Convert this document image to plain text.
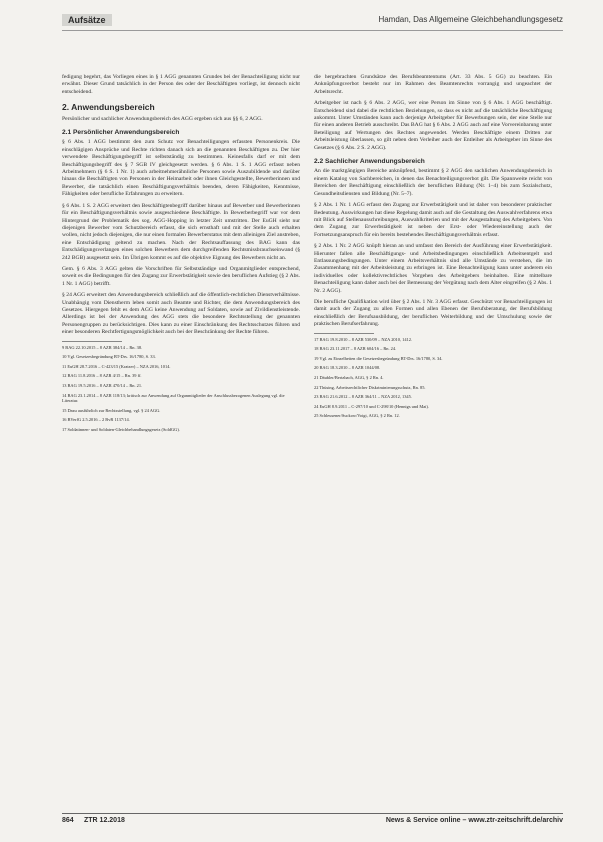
Aufsätze	Hamdan, Das Allgemeine Gleichbehandlungsgesetz

fedigung begehrt, das Vorliegen eines in § 1 AGG genannten Grundes bei der Benachteiligung nicht nur erwähnt. Dieser Grund tatsächlich in der Person des oder der Beschäftigten vorliegt, ist dennoch nicht entscheidend.

2. Anwendungsbereich

Persönlicher und sachlicher Anwendungsbereich des AGG ergeben sich aus §§ 6, 2 AGG.

2.1 Persönlicher Anwendungsbereich

§ 6 Abs. 1 AGG bestimmt den zum Schutz vor Benachteiligungen erfassten Personenkreis. Die einschlägigen Ansprüche und Rechte richten danach sich an die genannten Beschäftigten zu. Der hier verwendete Beschäftigungsbegriff ist selbstständig zu bestimmen. Keinesfalls darf er mit dem Beschäftigungsbegriff des § 7 SGB IV gleichgesetzt werden. § 6 Abs. 1 S. 1 AGG erfasst neben Arbeitnehmern (§ 6 S. 1 Nr. 1) auch arbeitnehmerähnliche Personen sowie Auszubildende und darüber hinaus die Beschäftigten von Personen in der Heimarbeit oder ihnen Gleichgestellte, Bewerberinnen und Bewerber, die tatsächlich einen Beschäftigungsverhältnis beenden, deren Fähigkeiten, Kenntnisse, Fähigkeiten oder berufliche Erfahrungen zu erweitern.

§ 6 Abs. 1 S. 2 AGG erweitert den Beschäftigtenbegriff darüber hinaus auf Bewerber und Bewerberinnen für ein Beschäftigungsverhältnis sowie ausgeschiedene Beschäftigte. In Bewerberbegriff war vor dem Hintergrund der Problematik des sog. AGG-Hopping in letzter Zeit umstritten. Der EuGH sieht nur diejenigen Bewerber vom Schutzbereich erfasst, die sich ernsthaft und mit der Stelle auch erhalten wollen, nicht jedoch diejenigen, die nur einen formalen Bewerberstatus mit dem alleinigen Ziel anstreben, eine Entschädigung geltend zu machen. Nach der Rechtsauffassung des BAG kann das Entschädigungsverlangen eines solchen Bewerbers dem durchgreifenden Rechtsmissbrauchseinwand (§ 242 BGB) ausgesetzt sein. Im Übrigen kommt es auf die objektive Eignung des Bewerbers nicht an.

Gem. § 6 Abs. 3 AGG gelten die Vorschriften für Selbstständige und Organmitglieder entsprechend, soweit es die Bedingungen für den Zugang zur Erwerbstätigkeit sowie den beruflichen Aufstieg (§ 2 Abs. 1 Nr. 1 AGG) betrifft.

§ 24 AGG erweitert den Anwendungsbereich schließlich auf die öffentlich-rechtlichen Dienstverhältnisse. Unabhängig vom Dienstherrn leben somit auch Beamte und Richter, die dem Anwendungsbereich des Gesetzes. Hiergegen fehlt es dem AGG keine Anwendung auf Soldaten, sowie auf Zivildienstleistende. Allerdings ist bei der Anwendung des AGG stets die besondere Rechtsstellung der genannten Personengruppen zu berücksichtigen. Dies kann zu einer Einschränkung des Rechtsschutzes führen und einer besonderen Rechtfertigungsmöglichkeit auch bei der Beschränkung der Rechte führen.

9 BAG 22.10.2015 – 8 AZR 384/14 – Rn. 38.

10 Vgl. Gesetzesbegründung BT-Drs. 16/1780, S. 33.

11 EuGH 28.7.2016 – C-423/15 (Kratzer) – NZA 2016, 1014.

12 BAG 11.8.2016 – 8 AZR 4/15 – Rn. 39 ff.

13 BAG 19.5.2016 – 8 AZR 470/14 – Rn. 21.

14 BAG 23.1.2014 – 8 AZR 118/13; kritisch zur Anwendung auf Organmitglieder der Anschlussbezogenen Auslegung vgl. die Literatur.

15 Dazu ausführlich zur Rechtsstellung, vgl. § 24 AGG.

16 BVerfG 2.5.2016 – 2 BvR 1137/14.

17 Soldatinnen- und Soldaten-Gleichbehandlungsgesetz (SoldGG).

die hergebrachten Grundsätze des Berufsbeamtentums (Art. 33 Abs. 5 GG) zu beachten. Ein Anknüpfungsverbot besteht nur im Rahmen des Beamtenrechts vorrangig und ungeachtet der Arbeitsrecht.

Arbeitgeber ist nach § 6 Abs. 2 AGG, wer eine Person im Sinne von § 6 Abs. 1 AGG beschäftigt. Entscheidend sind dabei die rechtlichen Beziehungen, so dass es nicht auf die tatsächliche Beschäftigung ankommt. Unter Umständen kann auch derjenige Arbeitgeber für Bewerbungen sein, der eine Stelle nur für einen anderen Betrieb ausschreibt. Das BAG hat § 6 Abs. 2 AGG auch auf eine Vorvereinbarung unter Beteiligung auf Wertungen des Rechtes angewendet. Werden Beschäftigte einem Dritten zur Arbeitsleistung überlassen, so gilt neben dem Verleiher auch der Entleiher als Arbeitgeber im Sinne des Gesetzes (§ 6 Abs. 2 S. 2 AGG).

2.2 Sachlicher Anwendungsbereich

An die marktgängigen Bereiche anknüpfend, bestimmt § 2 AGG den sachlichen Anwendungsbereich in einem Katalog von Sachbereichen, in denen das Benachteiligungsverbot gilt. Die Spannweite reicht von Bereichen der Beschäftigung einschließlich der beruflichen Bildung (Nr. 1–4) bis zum Sozialschutz, Gesundheitsdiensten und Bildung (Nr. 5–7).

§ 2 Abs. 1 Nr. 1 AGG erfasst den Zugang zur Erwerbstätigkeit und ist daher von besonderer praktischer Bedeutung. Auswirkungen hat diese Regelung damit auch auf die Gestaltung des Auswahlverfahrens etwa mit Blick auf Stellenausschreibungen, Auswahlkriterien und mit der Ausgestaltung des Arbeitgebers. Von dem Zugang zur Erwerbstätigkeit ist neben der Erst- oder Wiedereinstellung auch der Fortsetzungsanspruch für ein bereits bestehendes Beschäftigungsverhältnis erfasst.

§ 2 Abs. 1 Nr. 2 AGG knüpft hieran an und umfasst den Bereich der Ausführung einer Erwerbstätigkeit. Hierunter fallen alle Beschäftigungs- und Arbeitsbedingungen einschließlich Arbeitsentgelt und Entlassungsbedingungen. Unter einem Arbeitsverhältnis sind alle Umstände zu verstehen, die im Zusammenhang mit der Arbeitsleistung zu erbringen ist. Eine Benachteiligung kann unter anderem ein individuelles oder kollektivrechtliches Vorgehen des Arbeitgebers beinhalten. Eine mittelbare Benachteiligung kann daher auch bei der Bemessung der Vergütung nach dem Alter eingreifen (§ 2 Abs. 1 Nr. 2 AGG).

Die berufliche Qualifikation wird über § 2 Abs. 1 Nr. 3 AGG erfasst. Geschützt vor Benachteiligungen ist damit auch der Zugang zu allen Formen und allen Ebenen der Berufsberatung, der Berufsbildung einschließlich der Berufsausbildung, der beruflichen Weiterbildung und der Umschulung sowie der praktischen Berufserfahrung.

17 BAG 19.8.2010 – 8 AZR 530/09 – NZA 2010, 1412.

18 BAG 23.11.2017 – 8 AZR 604/16 – Rn. 24.

19 Vgl. zu Einzelheiten die Gesetzesbegründung BT-Drs. 16/1780, S. 34.

20 BAG 18.3.2010 – 8 AZR 1044/08.

21 Däubler/Bertzbach, AGG, § 2 Rn. 4.

22 Thüsing, Arbeitsrechtlicher Diskriminierungsschutz, Rn. 85.

23 BAG 21.6.2012 – 8 AZR 364/11 – NZA 2012, 1345.

24 EuGH 8.9.2011 – C-297/10 und C-298/10 (Hennigs und Mai).

25 Schleusener/Suckow/Voigt, AGG, § 2 Rn. 12.

864 ZTR 12.2018	News & Service online – www.ztr-zeitschrift.de/archiv
